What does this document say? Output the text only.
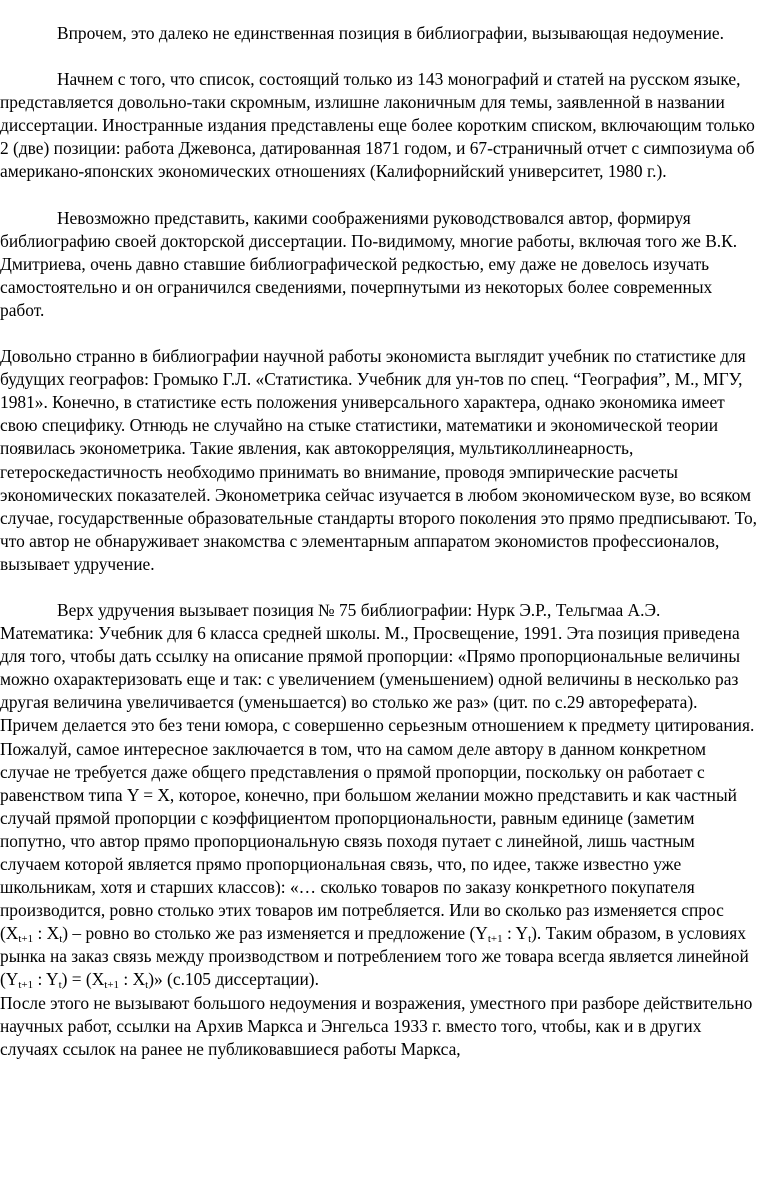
Впрочем, это далеко не единственная позиция в библиографии, вызывающая недоумение.

Начнем с того, что список, состоящий только из 143 монографий и статей на русском языке, представляется довольно-таки скромным, излишне лаконичным для темы, заявленной в названии диссертации. Иностранные издания представлены еще более коротким списком, включающим только 2 (две) позиции: работа Джевонса, датированная 1871 годом, и 67-страничный отчет с симпозиума об американо-японских экономических отношениях (Калифорнийский университет, 1980 г.).

Невозможно представить, какими соображениями руководствовался автор, формируя библиографию своей докторской диссертации. По-видимому, многие работы, включая того же В.К. Дмитриева, очень давно ставшие библиографической редкостью, ему даже не довелось изучать самостоятельно и он ограничился сведениями, почерпнутыми из некоторых более современных работ.

Довольно странно в библиографии научной работы экономиста выглядит учебник по статистике для будущих географов: Громыко Г.Л. «Статистика. Учебник для ун-тов по спец. “География”, М., МГУ, 1981». Конечно, в статистике есть положения универсального характера, однако экономика имеет свою специфику. Отнюдь не случайно на стыке статистики, математики и экономической теории появилась эконометрика. Такие явления, как автокорреляция, мультиколлинеарность, гетероскедастичность необходимо принимать во внимание, проводя эмпирические расчеты экономических показателей. Эконометрика сейчас изучается в любом экономическом вузе, во всяком случае, государственные образовательные стандарты второго поколения это прямо предписывают. То, что автор не обнаруживает знакомства с элементарным аппаратом экономистов профессионалов, вызывает удручение.

Верх удручения вызывает позиция № 75 библиографии: Нурк Э.Р., Тельгмаа А.Э. Математика: Учебник для 6 класса средней школы. М., Просвещение, 1991. Эта позиция приведена для того, чтобы дать ссылку на описание прямой пропорции: «Прямо пропорциональные величины можно охарактеризовать еще и так: с увеличением (уменьшением) одной величины в несколько раз другая величина увеличивается (уменьшается) во столько же раз» (цит. по с.29 автореферата). Причем делается это без тени юмора, с совершенно серьезным отношением к предмету цитирования. Пожалуй, самое интересное заключается в том, что на самом деле автору в данном конкретном случае не требуется даже общего представления о прямой пропорции, поскольку он работает с равенством типа Y = X, которое, конечно, при большом желании можно представить и как частный случай прямой пропорции с коэффициентом пропорциональности, равным единице (заметим попутно, что автор прямо пропорциональную связь походя путает с линейной, лишь частным случаем которой является прямо пропорциональная связь, что, по идее, также известно уже школьникам, хотя и старших классов): «… сколько товаров по заказу конкретного покупателя производится, ровно столько этих товаров им потребляется. Или во сколько раз изменяется спрос ($X_{t+1}$ : $X_t$) – ровно во столько же раз изменяется и предложение ($Y_{t+1}$ : $Y_t$). Таким образом, в условиях рынка на заказ связь между производством и потреблением того же товара всегда является линейной ($Y_{t+1}$ : $Y_t) = (X_{t+1}$ : $X_t$)» (с.105 диссертации).

После этого не вызывают большого недоумения и возражения, уместного при разборе действительно научных работ, ссылки на Архив Маркса и Энгельса 1933 г. вместо того, чтобы, как и в других случаях ссылок на ранее не публиковавшиеся работы Маркса,
